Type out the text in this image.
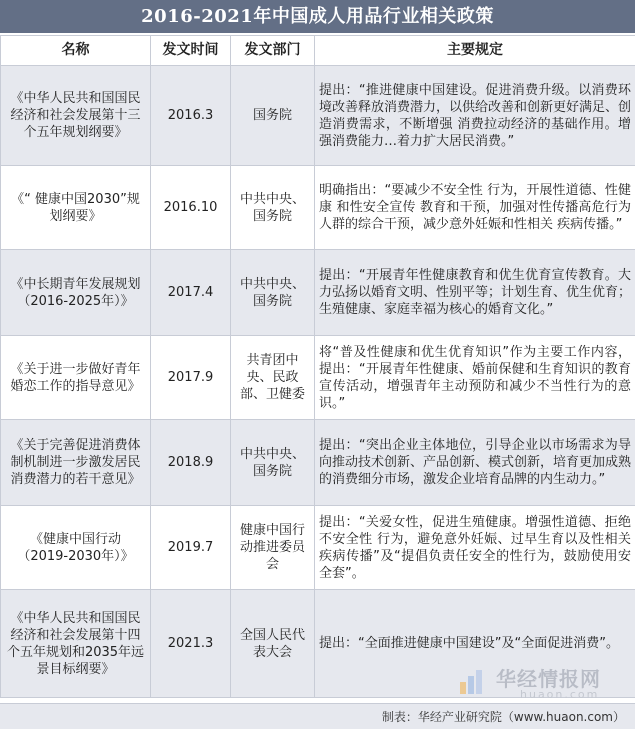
2016-2021年中国成人用品行业相关政策
名称	发文时间	发文部门	主要规定
《中华人民共和国国民经济和社会发展第十三个五年规划纲要》	2016.3	国务院	提出：“推进健康中国建设。促进消费升级。以消费环境改善释放消费潜力，以供给改善和创新更好满足、创造消费需求，不断增强 消费拉动经济的基础作用。增强消费能力…着力扩大居民消费。”
《“ 健康中国2030”规划纲要》	2016.10	中共中央、国务院	明确指出：“要减少不安全性 行为，开展性道德、性健康 和性安全宣传 教育和干预，加强对性传播高危行为人群的综合干预，减少意外妊娠和性相关 疾病传播。”
《中长期青年发展规划（2016-2025年）》	2017.4	中共中央、国务院	提出：“开展青年性健康教育和优生优育宣传教育。大力弘扬以婚育文明、性别平等；计划生育、优生优育；生殖健康、家庭幸福为核心的婚育文化。”
《关于进一步做好青年婚恋工作的指导意见》	2017.9	共青团中央、民政部、卫健委	将“普及性健康和优生优育知识”作为主要工作内容，提出：“开展青年性健康、婚前保健和生育知识的教育宣传活动，增强青年主动预防和减少不当性行为的意识。”
《关于完善促进消费体制机制进一步激发居民消费潜力的若干意见》	2018.9	中共中央、国务院	提出：“突出企业主体地位，引导企业以市场需求为导向推动技术创新、产品创新、模式创新，培育更加成熟的消费细分市场，激发企业培育品牌的内生动力。”
《健康中国行动（2019-2030年）》	2019.7	健康中国行动推进委员会	提出：“关爱女性，促进生殖健康。增强性道德、拒绝不安全性 行为，避免意外妊娠、过早生育以及性相关疾病传播”及“提倡负责任安全的性行为，鼓励使用安全套”。
《中华人民共和国国民经济和社会发展第十四个五年规划和2035年远景目标纲要》	2021.3	全国人民代表大会	提出：“全面推进健康中国建设”及“全面促进消费”。
华经情报网
huaon.com
制表：华经产业研究院（www.huaon.com）
